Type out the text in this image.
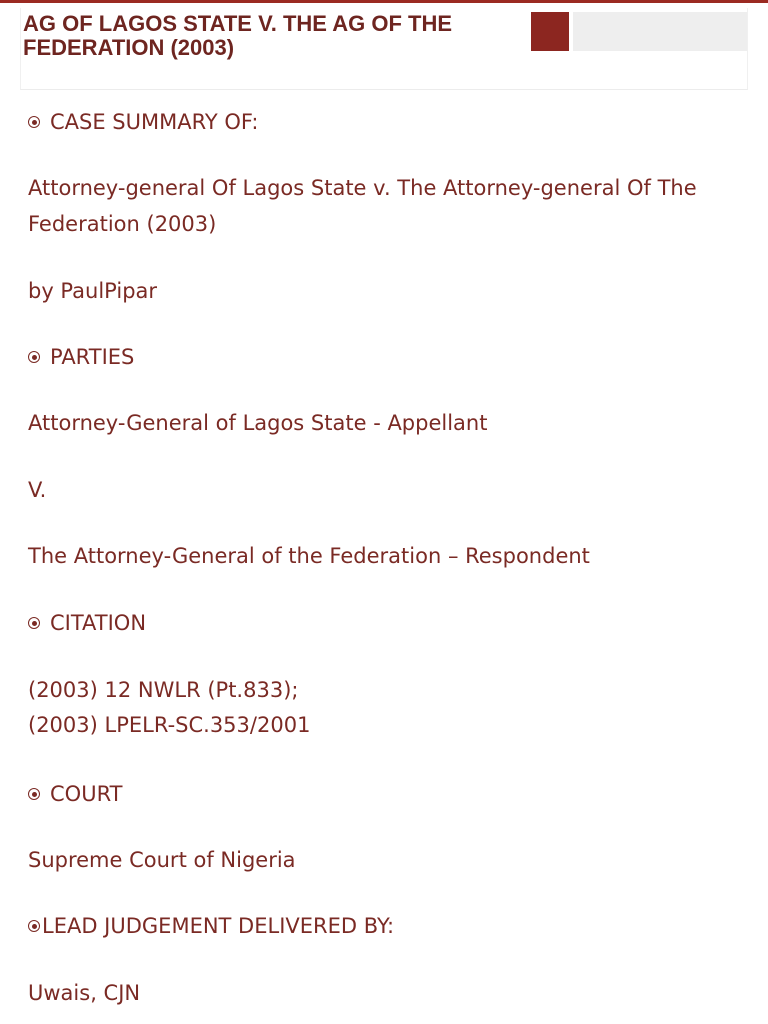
AG OF LAGOS STATE V. THE AG OF THE FEDERATION (2003)
CASE SUMMARY OF:

Attorney-general Of Lagos State v. The Attorney-general Of The

Federation (2003)

by PaulPipar

PARTIES

Attorney-General of Lagos State - Appellant

V.

The Attorney-General of the Federation – Respondent

CITATION

(2003) 12 NWLR (Pt.833);

(2003) LPELR-SC.353/2001

COURT

Supreme Court of Nigeria

LEAD JUDGEMENT DELIVERED BY:

Uwais, CJN
